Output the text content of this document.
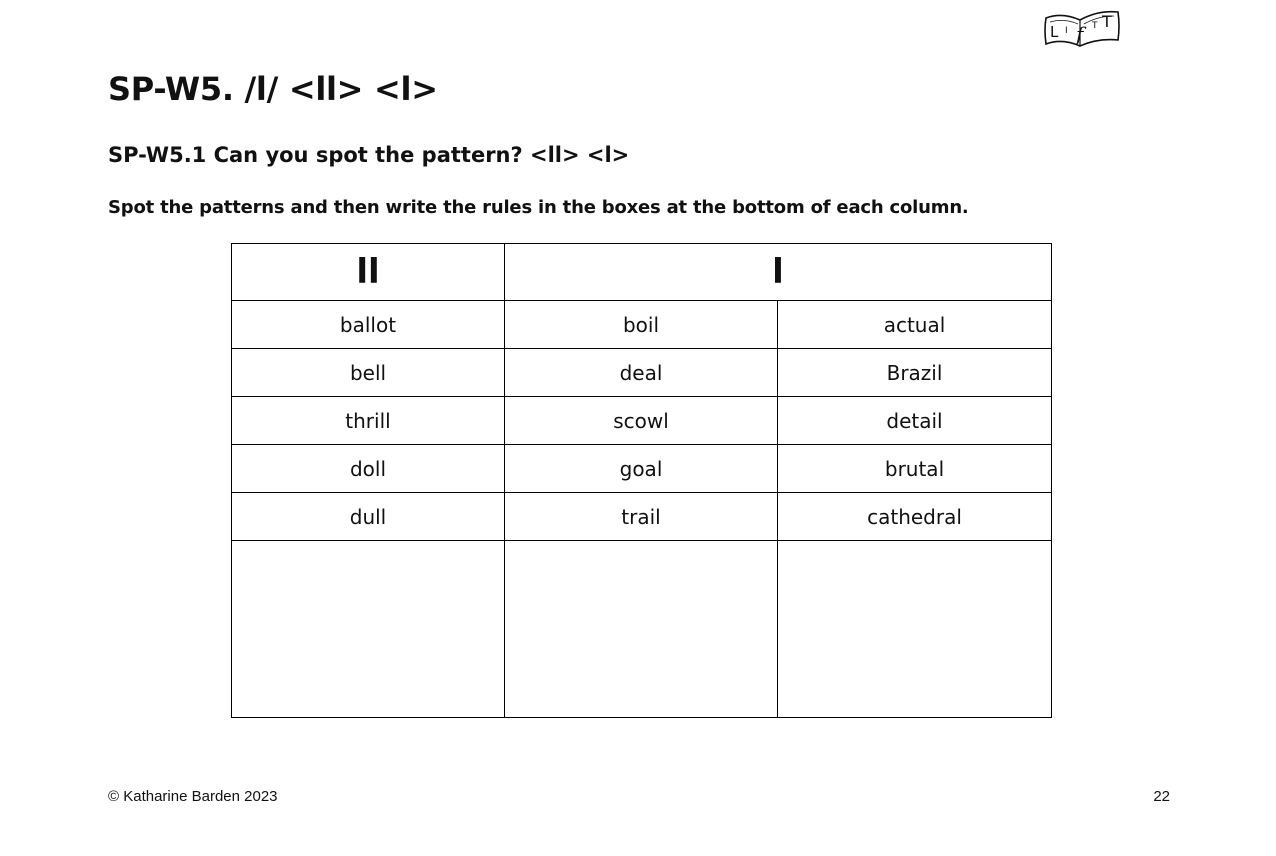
L I f T T
SP-W5. /l/ <ll> <l>
SP-W5.1 Can you spot the pattern? <ll> <l>

Spot the patterns and then write the rules in the boxes at the bottom of each column.

ll	l	
ballot	boil	actual
bell	deal	Brazil
thrill	scowl	detail
doll	goal	brutal
dull	trail	cathedral

© Katharine Barden 2023	22
